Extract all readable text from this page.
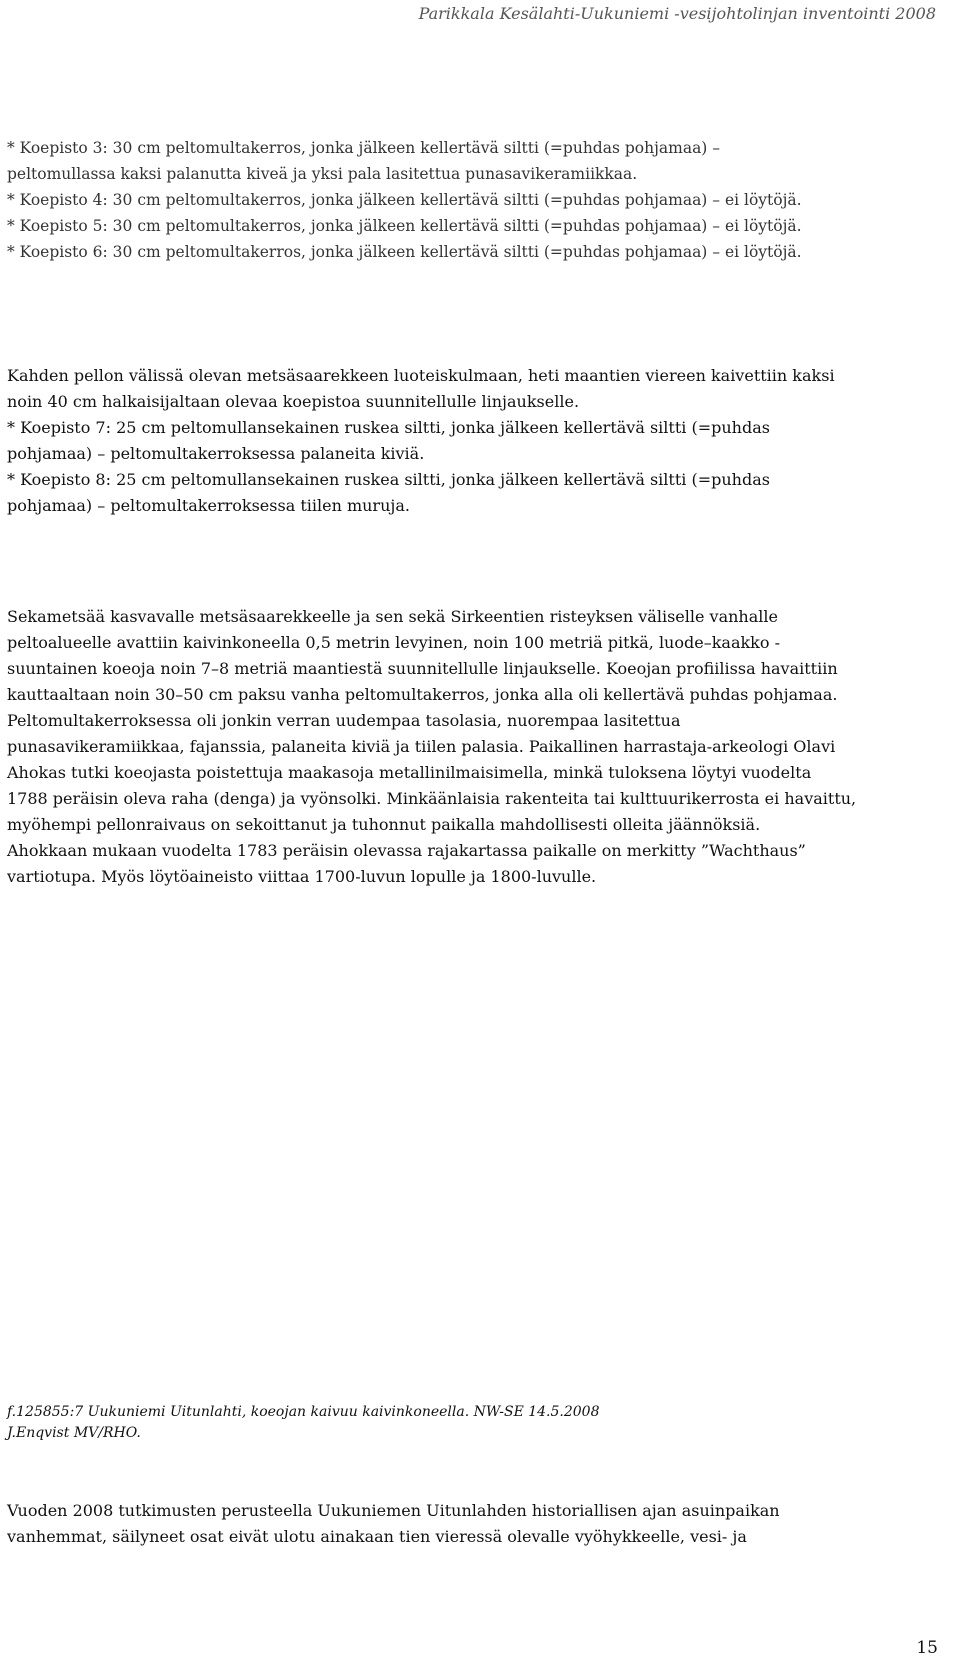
Parikkala Kesälahti-Uukuniemi -vesijohtolinjan inventointi 2008
* Koepisto 3: 30 cm peltomultakerros, jonka jälkeen kellertävä siltti (=puhdas pohjamaa) –
peltomullassa kaksi palanutta kiveä ja yksi pala lasitettua punasavikeramiikkaa.
* Koepisto 4: 30 cm peltomultakerros, jonka jälkeen kellertävä siltti (=puhdas pohjamaa) – ei löytöjä.
* Koepisto 5: 30 cm peltomultakerros, jonka jälkeen kellertävä siltti (=puhdas pohjamaa) – ei löytöjä.
* Koepisto 6: 30 cm peltomultakerros, jonka jälkeen kellertävä siltti (=puhdas pohjamaa) – ei löytöjä.
Kahden pellon välissä olevan metsäsaarekkeen luoteiskulmaan, heti maantien viereen kaivettiin kaksi
noin 40 cm halkaisijaltaan olevaa koepistoa suunnitellulle linjaukselle.
* Koepisto 7: 25 cm peltomullansekainen ruskea siltti, jonka jälkeen kellertävä siltti (=puhdas
pohjamaa) – peltomultakerroksessa palaneita kiviä.
* Koepisto 8: 25 cm peltomullansekainen ruskea siltti, jonka jälkeen kellertävä siltti (=puhdas
pohjamaa) – peltomultakerroksessa tiilen muruja.
Sekametsää kasvavalle metsäsaarekkeelle ja sen sekä Sirkeentien risteyksen väliselle vanhalle
peltoalueelle avattiin kaivinkoneella 0,5 metrin levyinen, noin 100 metriä pitkä, luode–kaakko -
suuntainen koeoja noin 7–8 metriä maantiestä suunnitellulle linjaukselle. Koeojan profiilissa havaittiin
kauttaaltaan noin 30–50 cm paksu vanha peltomultakerros, jonka alla oli kellertävä puhdas pohjamaa.
Peltomultakerroksessa oli jonkin verran uudempaa tasolasia, nuorempaa lasitettua
punasavikeramiikkaa, fajanssia, palaneita kiviä ja tiilen palasia. Paikallinen harrastaja-arkeologi Olavi
Ahokas tutki koeojasta poistettuja maakasoja metallinilmaisimella, minkä tuloksena löytyi vuodelta
1788 peräisin oleva raha (denga) ja vyönsolki. Minkäänlaisia rakenteita tai kulttuurikerrosta ei havaittu,
myöhempi pellonraivaus on sekoittanut ja tuhonnut paikalla mahdollisesti olleita jäännöksiä.
Ahokkaan mukaan vuodelta 1783 peräisin olevassa rajakartassa paikalle on merkitty ”Wachthaus”
vartiotupa. Myös löytöaineisto viittaa 1700-luvun lopulle ja 1800-luvulle.
f.125855:7 Uukuniemi Uitunlahti, koeojan kaivuu kaivinkoneella. NW-SE 14.5.2008
J.Enqvist MV/RHO.
Vuoden 2008 tutkimusten perusteella Uukuniemen Uitunlahden historiallisen ajan asuinpaikan
vanhemmat, säilyneet osat eivät ulotu ainakaan tien vieressä olevalle vyöhykkeelle, vesi- ja
15
